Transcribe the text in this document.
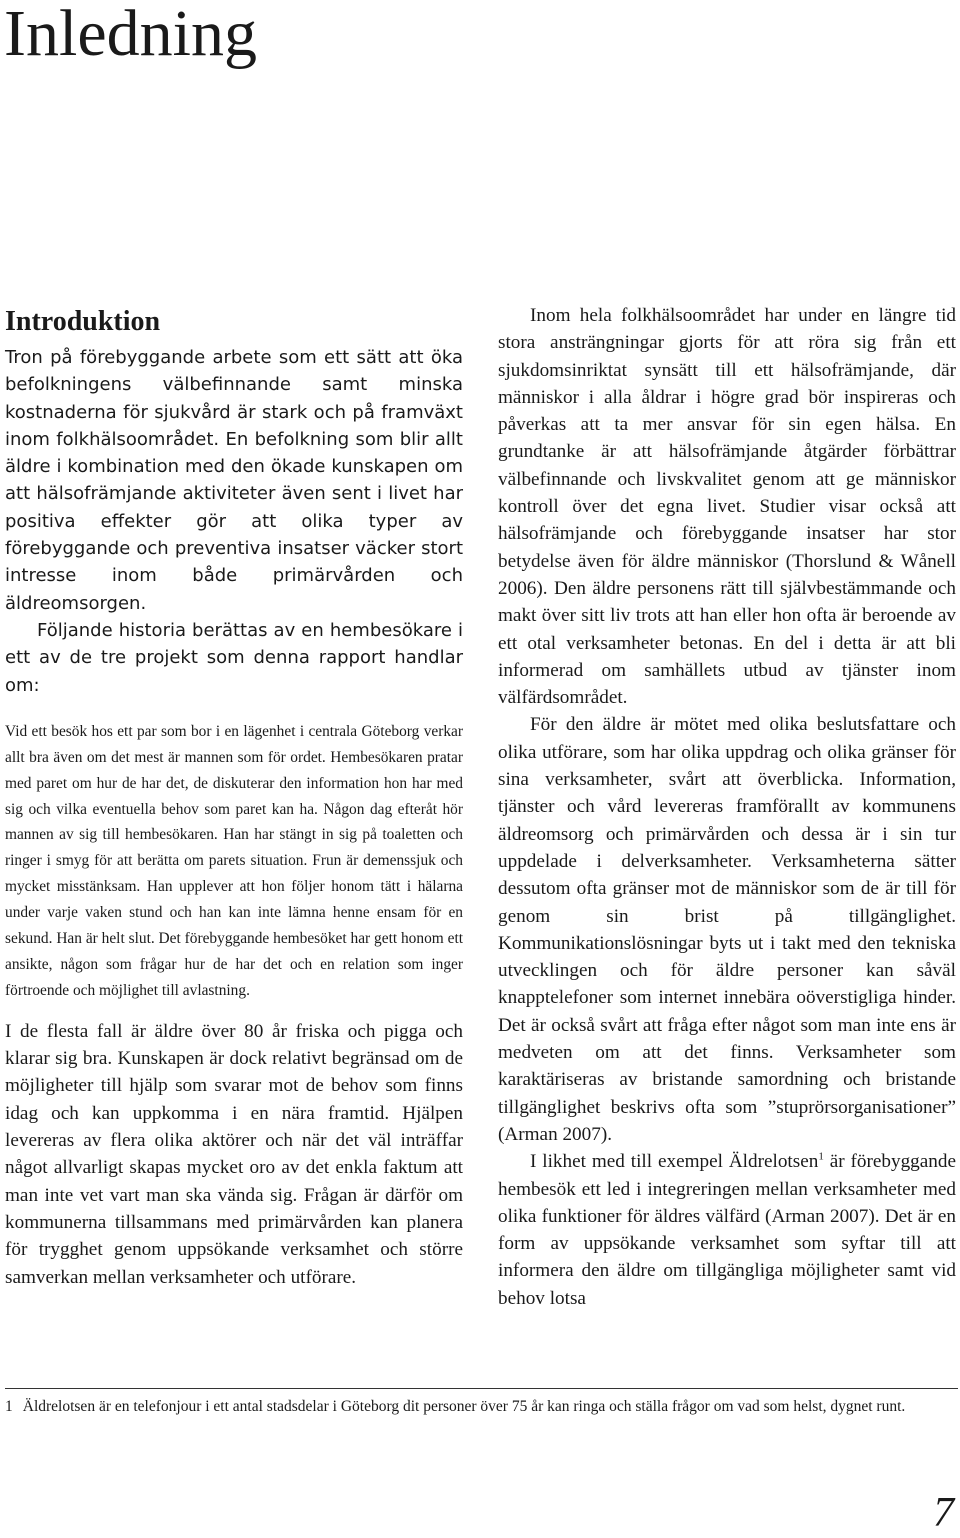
Inledning
Introduktion

Tron på förebyggande arbete som ett sätt att öka befolkningens välbefinnande samt minska kostnaderna för sjukvård är stark och på framväxt inom folkhälsoområdet. En befolkning som blir allt äldre i kombination med den ökade kunskapen om att hälsofrämjande aktiviteter även sent i livet har positiva effekter gör att olika typer av förebyggande och preventiva insatser väcker stort intresse inom både primärvården och äldreomsorgen.
Följande historia berättas av en hembesökare i ett av de tre projekt som denna rapport handlar om:

Vid ett besök hos ett par som bor i en lägenhet i centrala Göteborg verkar allt bra även om det mest är mannen som för ordet. Hembesökaren pratar med paret om hur de har det, de diskuterar den information hon har med sig och vilka eventuella behov som paret kan ha. Någon dag efteråt hör mannen av sig till hembesökaren. Han har stängt in sig på toaletten och ringer i smyg för att berätta om parets situation. Frun är demenssjuk och mycket misstänksam. Han upplever att hon följer honom tätt i hälarna under varje vaken stund och han kan inte lämna henne ensam för en sekund. Han är helt slut. Det förebyggande hembesöket har gett honom ett ansikte, någon som frågar hur de har det och en relation som inger förtroende och möjlighet till avlastning.

I de flesta fall är äldre över 80 år friska och pigga och klarar sig bra. Kunskapen är dock relativt begränsad om de möjligheter till hjälp som svarar mot de behov som finns idag och kan uppkomma i en nära framtid. Hjälpen levereras av flera olika aktörer och när det väl inträffar något allvarligt skapas mycket oro av det enkla faktum att man inte vet vart man ska vända sig. Frågan är därför om kommunerna tillsammans med primärvården kan planera för trygghet genom uppsökande verksamhet och större samverkan mellan verksamheter och utförare.

Inom hela folkhälsoområdet har under en längre tid stora ansträngningar gjorts för att röra sig från ett sjukdomsinriktat synsätt till ett hälsofrämjande, där människor i alla åldrar i högre grad bör inspireras och påverkas att ta mer ansvar för sin egen hälsa. En grundtanke är att hälsofrämjande åtgärder förbättrar välbefinnande och livskvalitet genom att ge människor kontroll över det egna livet. Studier visar också att hälsofrämjande och förebyggande insatser har stor betydelse även för äldre människor (Thorslund & Wånell 2006). Den äldre personens rätt till självbestämmande och makt över sitt liv trots att han eller hon ofta är beroende av ett otal verksamheter betonas. En del i detta är att bli informerad om samhällets utbud av tjänster inom välfärdsområdet.

För den äldre är mötet med olika beslutsfattare och olika utförare, som har olika uppdrag och olika gränser för sina verksamheter, svårt att överblicka. Information, tjänster och vård levereras framförallt av kommunens äldreomsorg och primärvården och dessa är i sin tur uppdelade i delverksamheter. Verksamheterna sätter dessutom ofta gränser mot de människor som de är till för genom sin brist på tillgänglighet. Kommunikationslösningar byts ut i takt med den tekniska utvecklingen och för äldre personer kan såväl knapptelefoner som internet innebära oöverstigliga hinder. Det är också svårt att fråga efter något som man inte ens är medveten om att det finns. Verksamheter som karaktäriseras av bristande samordning och bristande tillgänglighet beskrivs ofta som ”stuprörsorganisationer” (Arman 2007).

I likhet med till exempel Äldrelotsen$^1$ är förebyggande hembesök ett led i integreringen mellan verksamheter med olika funktioner för äldres välfärd (Arman 2007). Det är en form av uppsökande verksamhet som syftar till att informera den äldre om tillgängliga möjligheter samt vid behov lotsa

1 Äldrelotsen är en telefonjour i ett antal stadsdelar i Göteborg dit personer över 75 år kan ringa och ställa frågor om vad som helst, dygnet runt.
7
